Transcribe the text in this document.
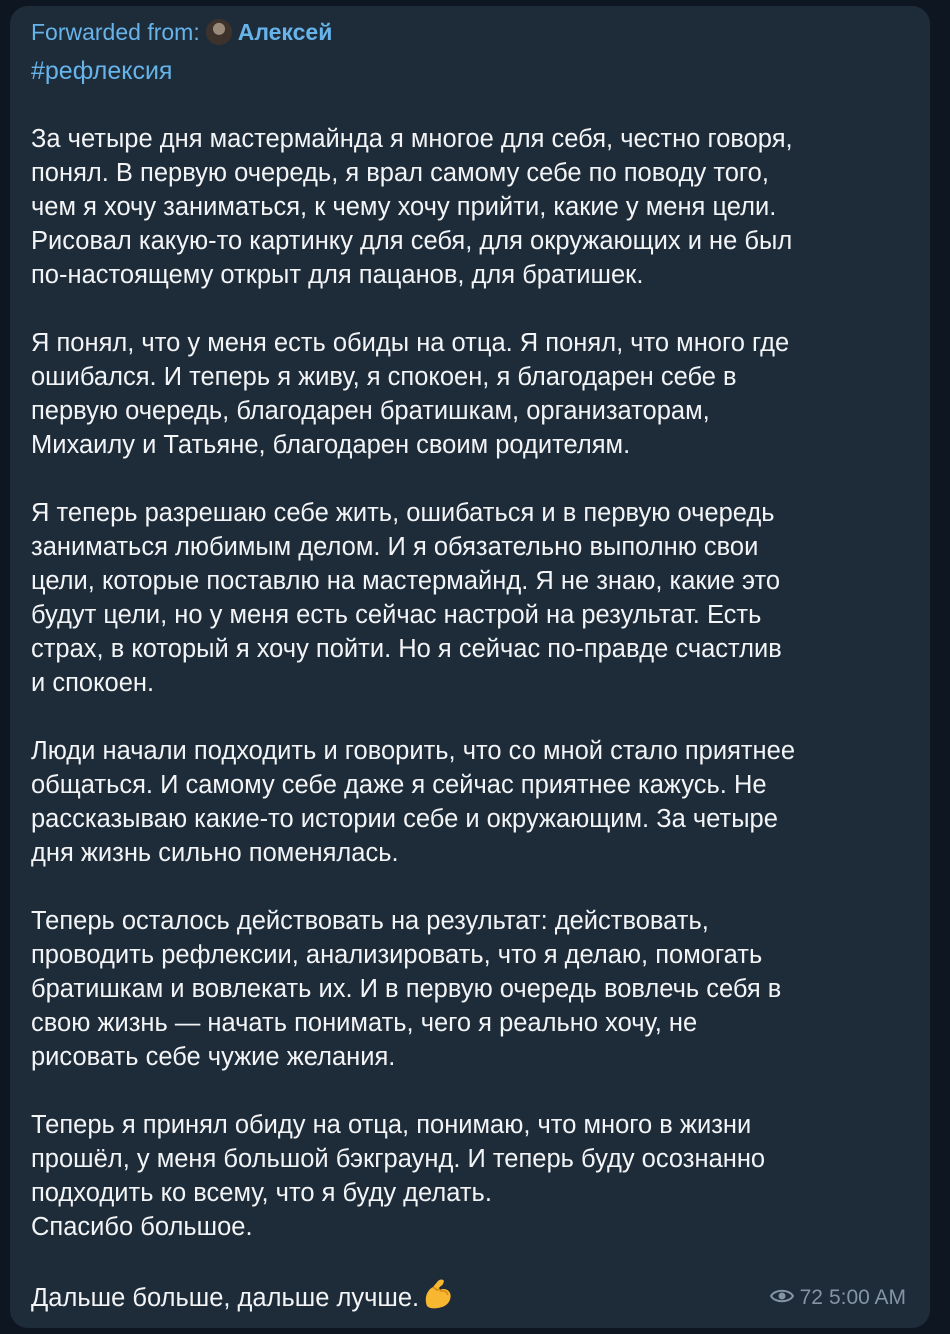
Forwarded from: Алексей
#рефлексия
За четыре дня мастермайнда я многое для себя, честно говоря,
понял. В первую очередь, я врал самому себе по поводу того,
чем я хочу заниматься, к чему хочу прийти, какие у меня цели.
Рисовал какую-то картинку для себя, для окружающих и не был
по-настоящему открыт для пацанов, для братишек.
Я понял, что у меня есть обиды на отца. Я понял, что много где
ошибался. И теперь я живу, я спокоен, я благодарен себе в
первую очередь, благодарен братишкам, организаторам,
Михаилу и Татьяне, благодарен своим родителям.
Я теперь разрешаю себе жить, ошибаться и в первую очередь
заниматься любимым делом. И я обязательно выполню свои
цели, которые поставлю на мастермайнд. Я не знаю, какие это
будут цели, но у меня есть сейчас настрой на результат. Есть
страх, в который я хочу пойти. Но я сейчас по-правде счастлив
и спокоен.
Люди начали подходить и говорить, что со мной стало приятнее
общаться. И самому себе даже я сейчас приятнее кажусь. Не
рассказываю какие-то истории себе и окружающим. За четыре
дня жизнь сильно поменялась.
Теперь осталось действовать на результат: действовать,
проводить рефлексии, анализировать, что я делаю, помогать
братишкам и вовлекать их. И в первую очередь вовлечь себя в
свою жизнь — начать понимать, чего я реально хочу, не
рисовать себе чужие желания.
Теперь я принял обиду на отца, понимаю, что много в жизни
прошёл, у меня большой бэкграунд. И теперь буду осознанно
подходить ко всему, что я буду делать.
Спасибо большое.
Дальше больше, дальше лучше.	72 5:00 AM
